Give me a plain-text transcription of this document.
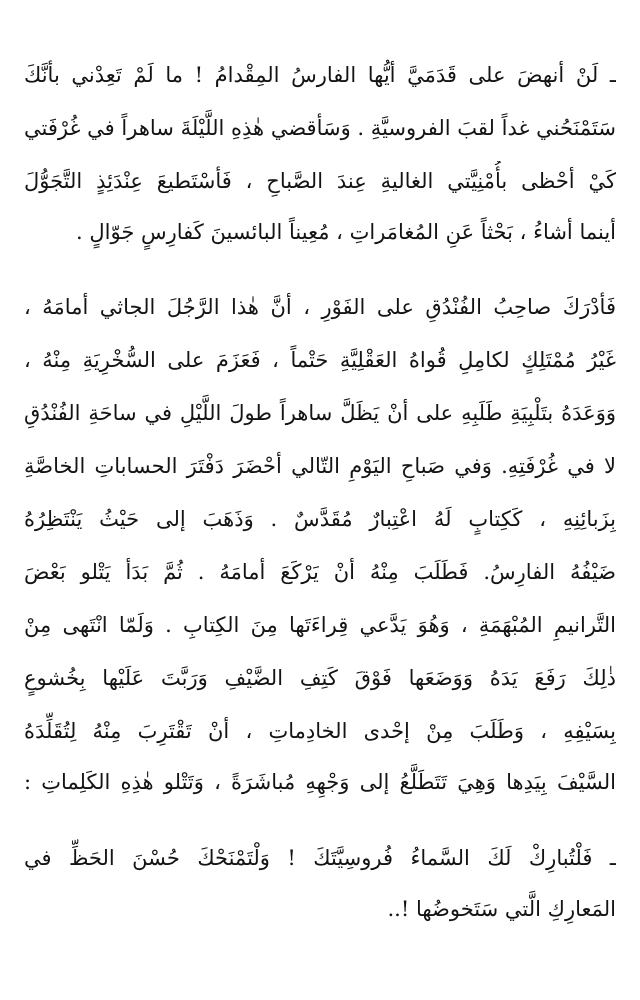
ـ لَنْ أنهضَ على قَدَمَيَّ أيُّها الفارسُ المِقْدامُ ! ما لَمْ تَعِدْني بأنَّكَ
سَتَمْنَحُني غداً لقبَ الفروسيَّةِ . وَسَأقضي هٰذِهِ اللَّيْلَةَ ساهراً في غُرْفَتي
كَيْ أحْظى بأُمْنِيَّتي الغاليةِ عِندَ الصَّباحِ ، فَأسْتَطيعَ عِنْدَئِذٍ التَّجَوُّلَ
أينما أشاءُ ، بَحْثاً عَنِ المُغامَراتِ ، مُعِيناً البائسينَ كَفارِسٍ جَوّالٍ .
فَأدْرَكَ صاحِبُ الفُنْدُقِ على الفَوْرِ ، أنَّ هٰذا الرَّجُلَ الجاثي أمامَهُ ،
غَيْرُ مُمْتَلِكٍ لكامِلِ قُواهُ العَقْلِيَّةِ حَتْماً ، فَعَزَمَ على السُّخْرِيَةِ مِنْهُ ،
وَوَعَدَهُ بتَلْبِيَةِ طَلَبِهِ على أنْ يَظَلَّ ساهراً طولَ اللَّيْلِ في ساحَةِ الفُنْدُقِ
لا في غُرْفَتِهِ. وَفي صَباحِ اليَوْمِ التّالي أحْضَرَ دَفْتَرَ الحساباتِ الخاصَّةِ
بِزَبائِنِهِ ، كَكِتابٍ لَهُ اعْتِبارٌ مُقَدَّسٌ . وَذَهَبَ إلى حَيْثُ يَنْتَظِرُهُ
ضَيْفُهُ الفارِسُ. فَطَلَبَ مِنْهُ أنْ يَرْكَعَ أمامَهُ . ثُمَّ بَدَأ يَتْلو بَعْضَ
التَّرانيمِ المُبْهَمَةِ ، وَهُوَ يَدَّعي قِراءَتَها مِنَ الكِتابِ . وَلَمّا انْتَهى مِنْ
ذٰلِكَ رَفَعَ يَدَهُ وَوَضَعَها فَوْقَ كَتِفِ الضَّيْفِ وَرَبَّتَ عَلَيْها بِخُشوعٍ
بِسَيْفِهِ ، وَطَلَبَ مِنْ إحْدى الخادِماتِ ، أنْ تَقْتَرِبَ مِنْهُ لِتُقَلِّدَهُ
السَّيْفَ بِيَدِها وَهِيَ تَتَطَلَّعُ إلى وَجْهِهِ مُباشَرَةً ، وَتَتْلو هٰذِهِ الكَلِماتِ :
ـ فَلْتُبارِكْ لَكَ السَّماءُ فُروسِيَّتَكَ ! وَلْتَمْنَحْكَ حُسْنَ الحَظِّ في
المَعارِكِ الَّتي سَتَخوضُها !..
